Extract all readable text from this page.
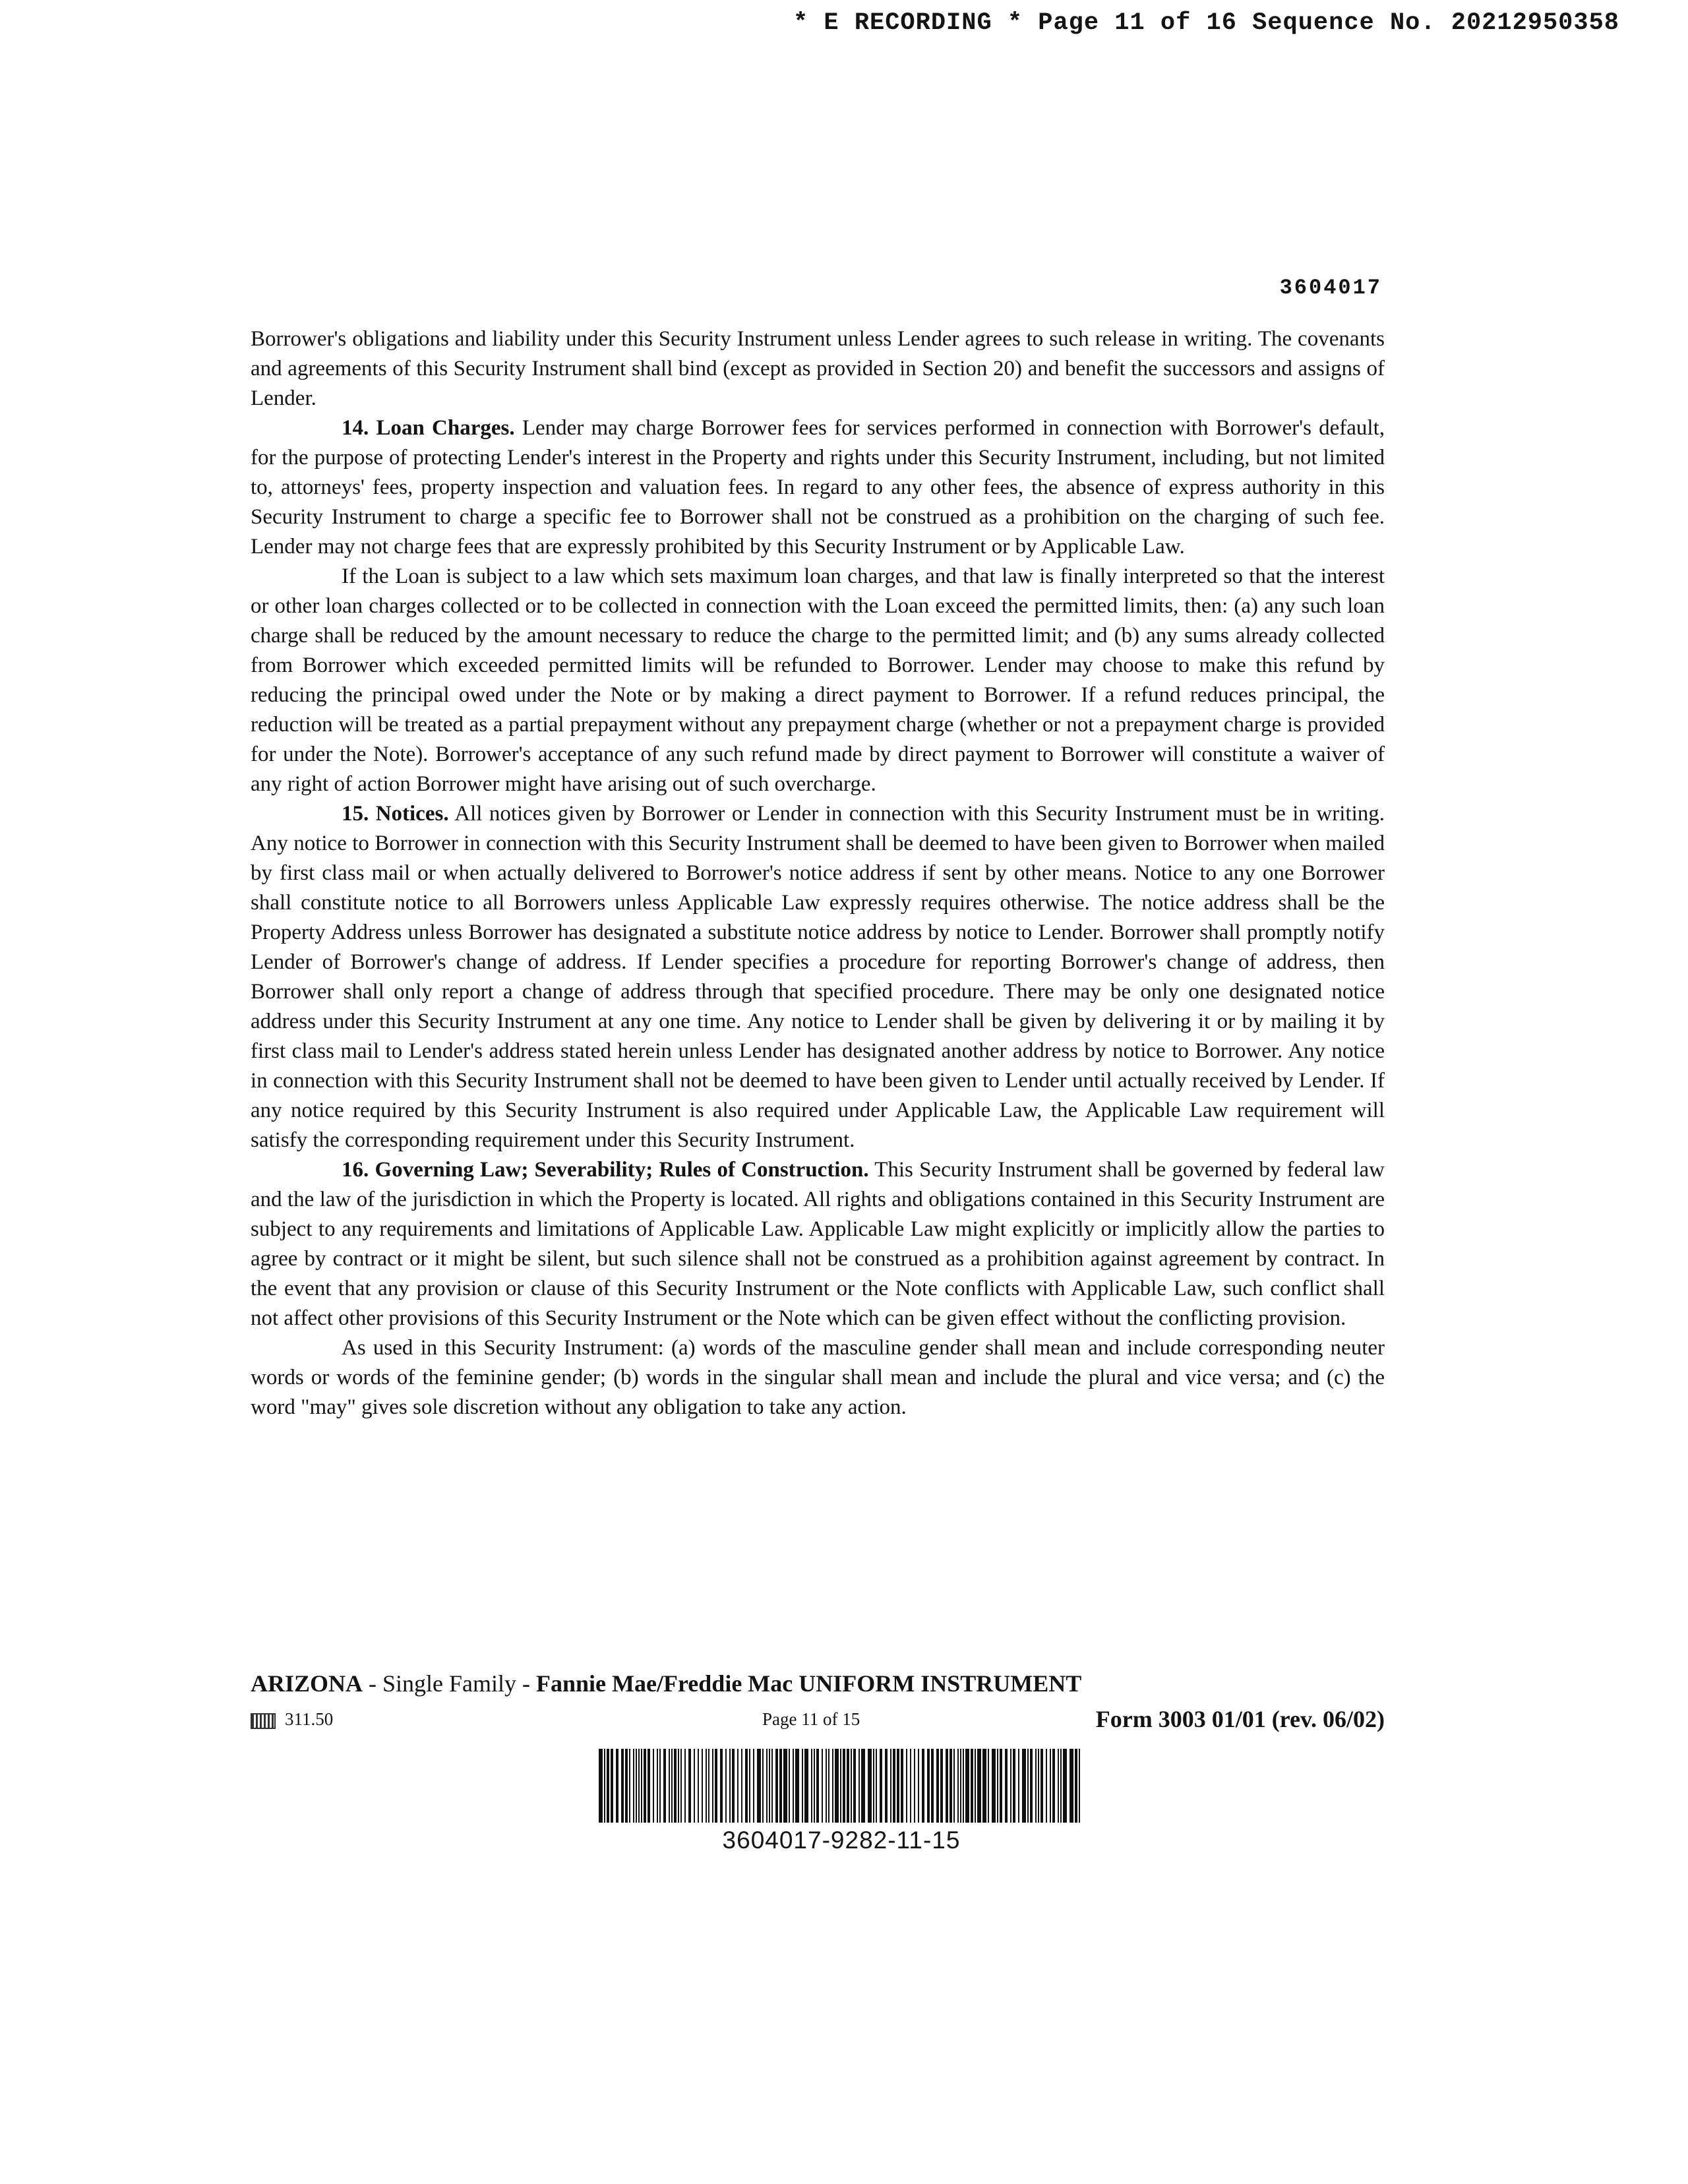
* E RECORDING * Page 11 of 16 Sequence No. 20212950358
3604017

Borrower's obligations and liability under this Security Instrument unless Lender agrees to such release in writing. The covenants and agreements of this Security Instrument shall bind (except as provided in Section 20) and benefit the successors and assigns of Lender.

14. Loan Charges. Lender may charge Borrower fees for services performed in connection with Borrower's default, for the purpose of protecting Lender's interest in the Property and rights under this Security Instrument, including, but not limited to, attorneys' fees, property inspection and valuation fees. In regard to any other fees, the absence of express authority in this Security Instrument to charge a specific fee to Borrower shall not be construed as a prohibition on the charging of such fee. Lender may not charge fees that are expressly prohibited by this Security Instrument or by Applicable Law.

If the Loan is subject to a law which sets maximum loan charges, and that law is finally interpreted so that the interest or other loan charges collected or to be collected in connection with the Loan exceed the permitted limits, then: (a) any such loan charge shall be reduced by the amount necessary to reduce the charge to the permitted limit; and (b) any sums already collected from Borrower which exceeded permitted limits will be refunded to Borrower. Lender may choose to make this refund by reducing the principal owed under the Note or by making a direct payment to Borrower. If a refund reduces principal, the reduction will be treated as a partial prepayment without any prepayment charge (whether or not a prepayment charge is provided for under the Note). Borrower's acceptance of any such refund made by direct payment to Borrower will constitute a waiver of any right of action Borrower might have arising out of such overcharge.

15. Notices. All notices given by Borrower or Lender in connection with this Security Instrument must be in writing. Any notice to Borrower in connection with this Security Instrument shall be deemed to have been given to Borrower when mailed by first class mail or when actually delivered to Borrower's notice address if sent by other means. Notice to any one Borrower shall constitute notice to all Borrowers unless Applicable Law expressly requires otherwise. The notice address shall be the Property Address unless Borrower has designated a substitute notice address by notice to Lender. Borrower shall promptly notify Lender of Borrower's change of address. If Lender specifies a procedure for reporting Borrower's change of address, then Borrower shall only report a change of address through that specified procedure. There may be only one designated notice address under this Security Instrument at any one time. Any notice to Lender shall be given by delivering it or by mailing it by first class mail to Lender's address stated herein unless Lender has designated another address by notice to Borrower. Any notice in connection with this Security Instrument shall not be deemed to have been given to Lender until actually received by Lender. If any notice required by this Security Instrument is also required under Applicable Law, the Applicable Law requirement will satisfy the corresponding requirement under this Security Instrument.

16. Governing Law; Severability; Rules of Construction. This Security Instrument shall be governed by federal law and the law of the jurisdiction in which the Property is located. All rights and obligations contained in this Security Instrument are subject to any requirements and limitations of Applicable Law. Applicable Law might explicitly or implicitly allow the parties to agree by contract or it might be silent, but such silence shall not be construed as a prohibition against agreement by contract. In the event that any provision or clause of this Security Instrument or the Note conflicts with Applicable Law, such conflict shall not affect other provisions of this Security Instrument or the Note which can be given effect without the conflicting provision.

As used in this Security Instrument: (a) words of the masculine gender shall mean and include corresponding neuter words or words of the feminine gender; (b) words in the singular shall mean and include the plural and vice versa; and (c) the word "may" gives sole discretion without any obligation to take any action.

ARIZONA - Single Family - Fannie Mae/Freddie Mac UNIFORM INSTRUMENT
311.50	Page 11 of 15	Form 3003 01/01 (rev. 06/02)
3604017-9282-11-15
